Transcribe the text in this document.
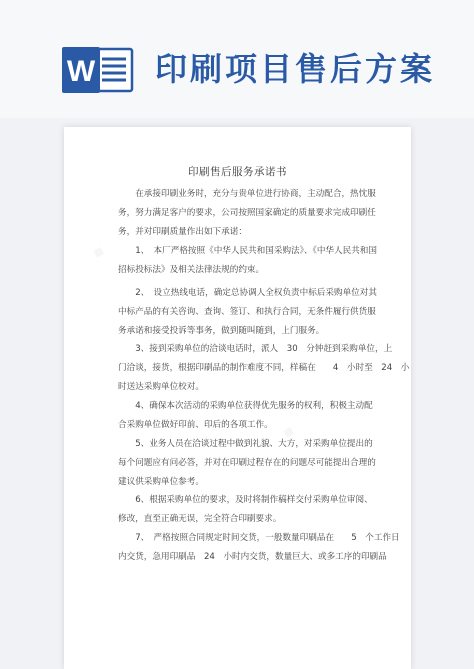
W 印刷项目售后方案
▦
▦
印刷售后服务承诺书
　　在承接印刷业务时，充分与贵单位进行协商，主动配合，热忱服
务，努力满足客户的要求，公司按照国家确定的质量要求完成印刷任
务，并对印刷质量作出如下承诺：
　　1、　本厂严格按照《中华人民共和国采购法》、《中华人民共和国
招标投标法》及相关法律法规的约束。
　　2、　设立热线电话，确定总协调人全权负责中标后采购单位对其
中标产品的有关咨询、查询、签订、和执行合同，无条件履行供货服
务承诺和接受投诉等事务，做到随叫随到，上门服务。
　　3、接到采购单位的洽谈电话时，派人　30　分钟赶到采购单位，上
门洽谈，接货，根据印刷品的制作难度不同，样稿在　　4　小时至　24　小
时送达采购单位校对。
　　4、确保本次活动的采购单位获得优先服务的权利，积极主动配
合采购单位做好印前、印后的各项工作。
　　5、业务人员在洽谈过程中做到礼貌、大方，对采购单位提出的
每个问题应有问必答，并对在印刷过程存在的问题尽可能提出合理的
建议供采购单位参考。
　　6、根据采购单位的要求，及时将制作稿样交付采购单位审阅、
修改，直至正确无误，完全符合印刷要求。
　　7、　严格按照合同规定时间交货，一般数量印刷品在　　5　个工作日
内交货，急用印刷品　24　小时内交货，数量巨大、或多工序的印刷品
